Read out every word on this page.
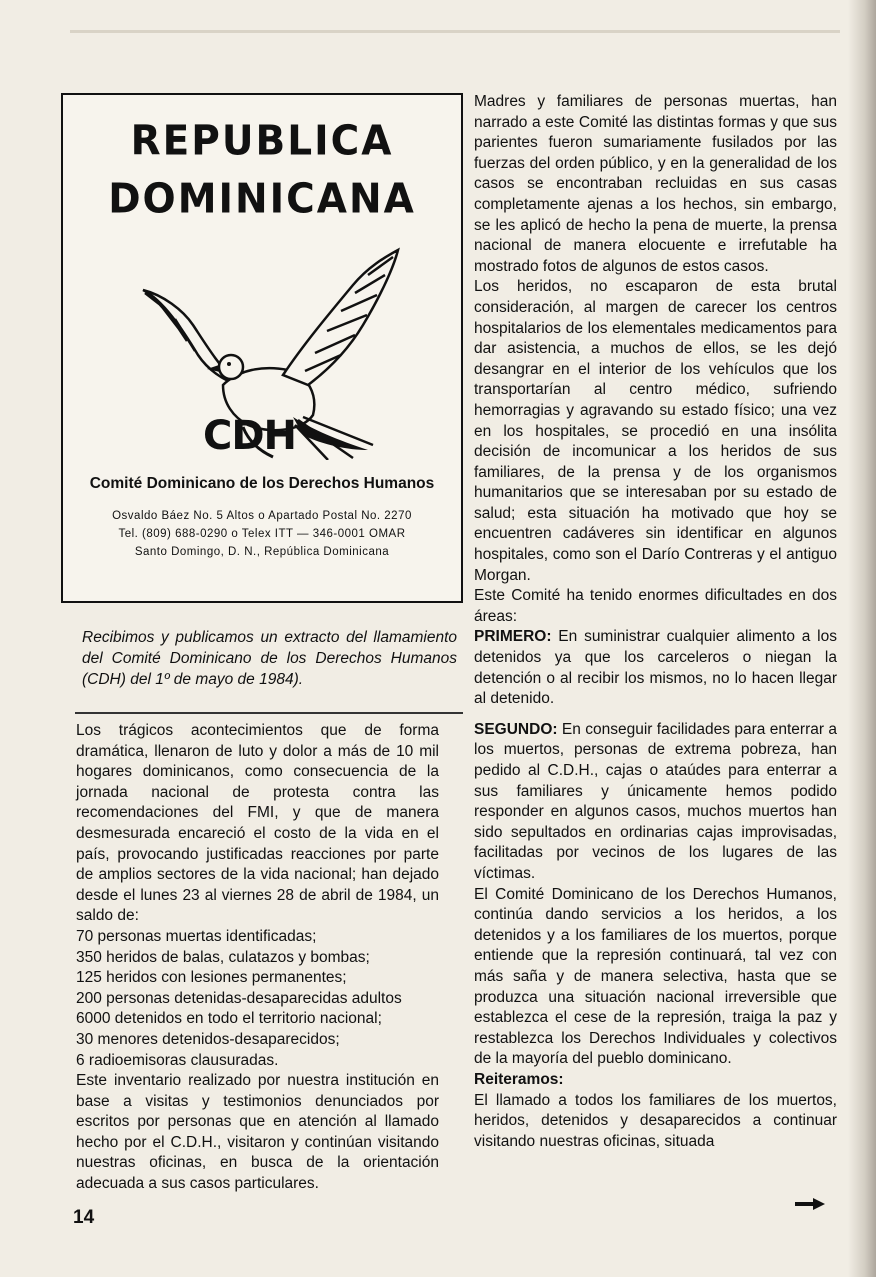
REPUBLICA
DOMINICANA
CDH
Comité Dominicano de los Derechos Humanos
Osvaldo Báez No. 5 Altos o Apartado Postal No. 2270
Tel. (809) 688-0290 o Telex ITT — 346-0001 OMAR
Santo Domingo, D. N., República Dominicana
Recibimos y publicamos un extracto del llamamiento del Comité Dominicano de los Derechos Humanos (CDH) del 1º de mayo de 1984).

Los trágicos acontecimientos que de forma dramática, llenaron de luto y dolor a más de 10 mil hogares dominicanos, como consecuencia de la jornada nacional de protesta contra las recomendaciones del FMI, y que de manera desmesurada encareció el costo de la vida en el país, provocando justificadas reacciones por parte de amplios sectores de la vida nacional; han dejado desde el lunes 23 al viernes 28 de abril de 1984, un saldo de:

70 personas muertas identificadas;

350 heridos de balas, culatazos y bombas;

125 heridos con lesiones permanentes;

200 personas detenidas-desaparecidas adultos

6000 detenidos en todo el territorio nacional;

30 menores detenidos-desaparecidos;

6 radioemisoras clausuradas.

Este inventario realizado por nuestra institución en base a visitas y testimonios denunciados por escritos por personas que en atención al llamado hecho por el C.D.H., visitaron y continúan visitando nuestras oficinas, en busca de la orientación adecuada a sus casos particulares.

Madres y familiares de personas muertas, han narrado a este Comité las distintas formas y que sus parientes fueron sumariamente fusilados por las fuerzas del orden público, y en la generalidad de los casos se encontraban recluidas en sus casas completamente ajenas a los hechos, sin embargo, se les aplicó de hecho la pena de muerte, la prensa nacional de manera elocuente e irrefutable ha mostrado fotos de algunos de estos casos.

Los heridos, no escaparon de esta brutal consideración, al margen de carecer los centros hospitalarios de los elementales medicamentos para dar asistencia, a muchos de ellos, se les dejó desangrar en el interior de los vehículos que los transportarían al centro médico, sufriendo hemorragias y agravando su estado físico; una vez en los hospitales, se procedió en una insólita decisión de incomunicar a los heridos de sus familiares, de la prensa y de los organismos humanitarios que se interesaban por su estado de salud; esta situación ha motivado que hoy se encuentren cadáveres sin identificar en algunos hospitales, como son el Darío Contreras y el antiguo Morgan.

Este Comité ha tenido enormes dificultades en dos áreas:

PRIMERO: En suministrar cualquier alimento a los detenidos ya que los carceleros o niegan la detención o al recibir los mismos, no lo hacen llegar al detenido.

SEGUNDO: En conseguir facilidades para enterrar a los muertos, personas de extrema pobreza, han pedido al C.D.H., cajas o ataúdes para enterrar a sus familiares y únicamente hemos podido responder en algunos casos, muchos muertos han sido sepultados en ordinarias cajas improvisadas, facilitadas por vecinos de los lugares de las víctimas.

El Comité Dominicano de los Derechos Humanos, continúa dando servicios a los heridos, a los detenidos y a los familiares de los muertos, porque entiende que la represión continuará, tal vez con más saña y de manera selectiva, hasta que se produzca una situación nacional irreversible que establezca el cese de la represión, traiga la paz y restablezca los Derechos Individuales y colectivos de la mayoría del pueblo dominicano.

Reiteramos:

El llamado a todos los familiares de los muertos, heridos, detenidos y desaparecidos a continuar visitando nuestras oficinas, situada

14
